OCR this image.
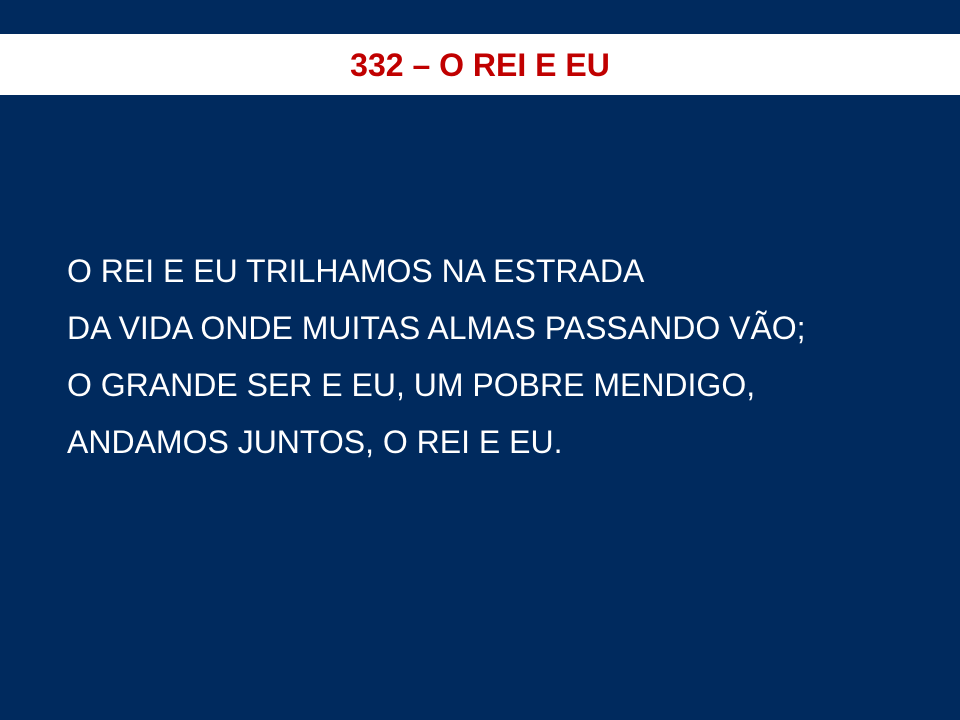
332 – O REI E EU

O REI E EU TRILHAMOS NA ESTRADA

DA VIDA ONDE MUITAS ALMAS PASSANDO VÃO;

O GRANDE SER E EU, UM POBRE MENDIGO,

ANDAMOS JUNTOS, O REI E EU.
